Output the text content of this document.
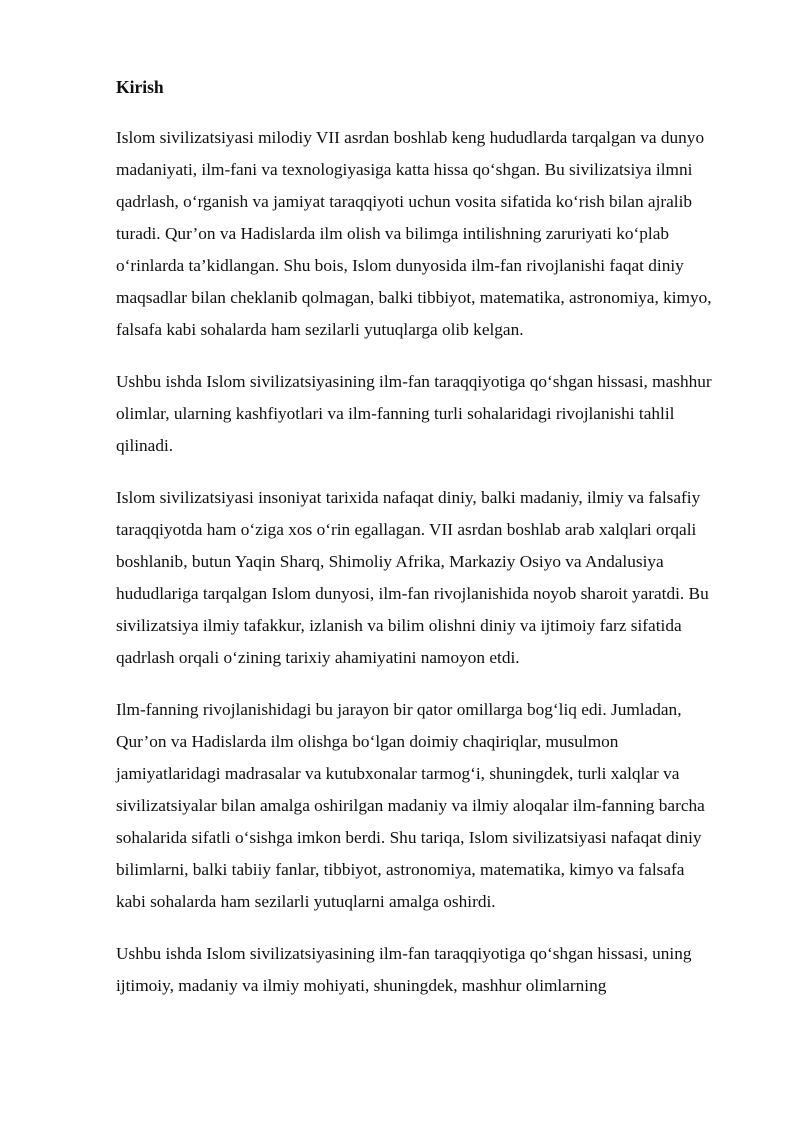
Kirish

Islom sivilizatsiyasi milodiy VII asrdan boshlab keng hududlarda tarqalgan va dunyo madaniyati, ilm-fani va texnologiyasiga katta hissa qo‘shgan. Bu sivilizatsiya ilmni qadrlash, o‘rganish va jamiyat taraqqiyoti uchun vosita sifatida ko‘rish bilan ajralib turadi. Qur’on va Hadislarda ilm olish va bilimga intilishning zaruriyati ko‘plab o‘rinlarda ta’kidlangan. Shu bois, Islom dunyosida ilm-fan rivojlanishi faqat diniy maqsadlar bilan cheklanib qolmagan, balki tibbiyot, matematika, astronomiya, kimyo, falsafa kabi sohalarda ham sezilarli yutuqlarga olib kelgan.

Ushbu ishda Islom sivilizatsiyasining ilm-fan taraqqiyotiga qo‘shgan hissasi, mashhur olimlar, ularning kashfiyotlari va ilm-fanning turli sohalaridagi rivojlanishi tahlil qilinadi.

Islom sivilizatsiyasi insoniyat tarixida nafaqat diniy, balki madaniy, ilmiy va falsafiy taraqqiyotda ham o‘ziga xos o‘rin egallagan. VII asrdan boshlab arab xalqlari orqali boshlanib, butun Yaqin Sharq, Shimoliy Afrika, Markaziy Osiyo va Andalusiya hududlariga tarqalgan Islom dunyosi, ilm-fan rivojlanishida noyob sharoit yaratdi. Bu sivilizatsiya ilmiy tafakkur, izlanish va bilim olishni diniy va ijtimoiy farz sifatida qadrlash orqali o‘zining tarixiy ahamiyatini namoyon etdi.

Ilm-fanning rivojlanishidagi bu jarayon bir qator omillarga bog‘liq edi. Jumladan, Qur’on va Hadislarda ilm olishga bo‘lgan doimiy chaqiriqlar, musulmon jamiyatlaridagi madrasalar va kutubxonalar tarmog‘i, shuningdek, turli xalqlar va sivilizatsiyalar bilan amalga oshirilgan madaniy va ilmiy aloqalar ilm-fanning barcha sohalarida sifatli o‘sishga imkon berdi. Shu tariqa, Islom sivilizatsiyasi nafaqat diniy bilimlarni, balki tabiiy fanlar, tibbiyot, astronomiya, matematika, kimyo va falsafa kabi sohalarda ham sezilarli yutuqlarni amalga oshirdi.

Ushbu ishda Islom sivilizatsiyasining ilm-fan taraqqiyotiga qo‘shgan hissasi, uning ijtimoiy, madaniy va ilmiy mohiyati, shuningdek, mashhur olimlarning
